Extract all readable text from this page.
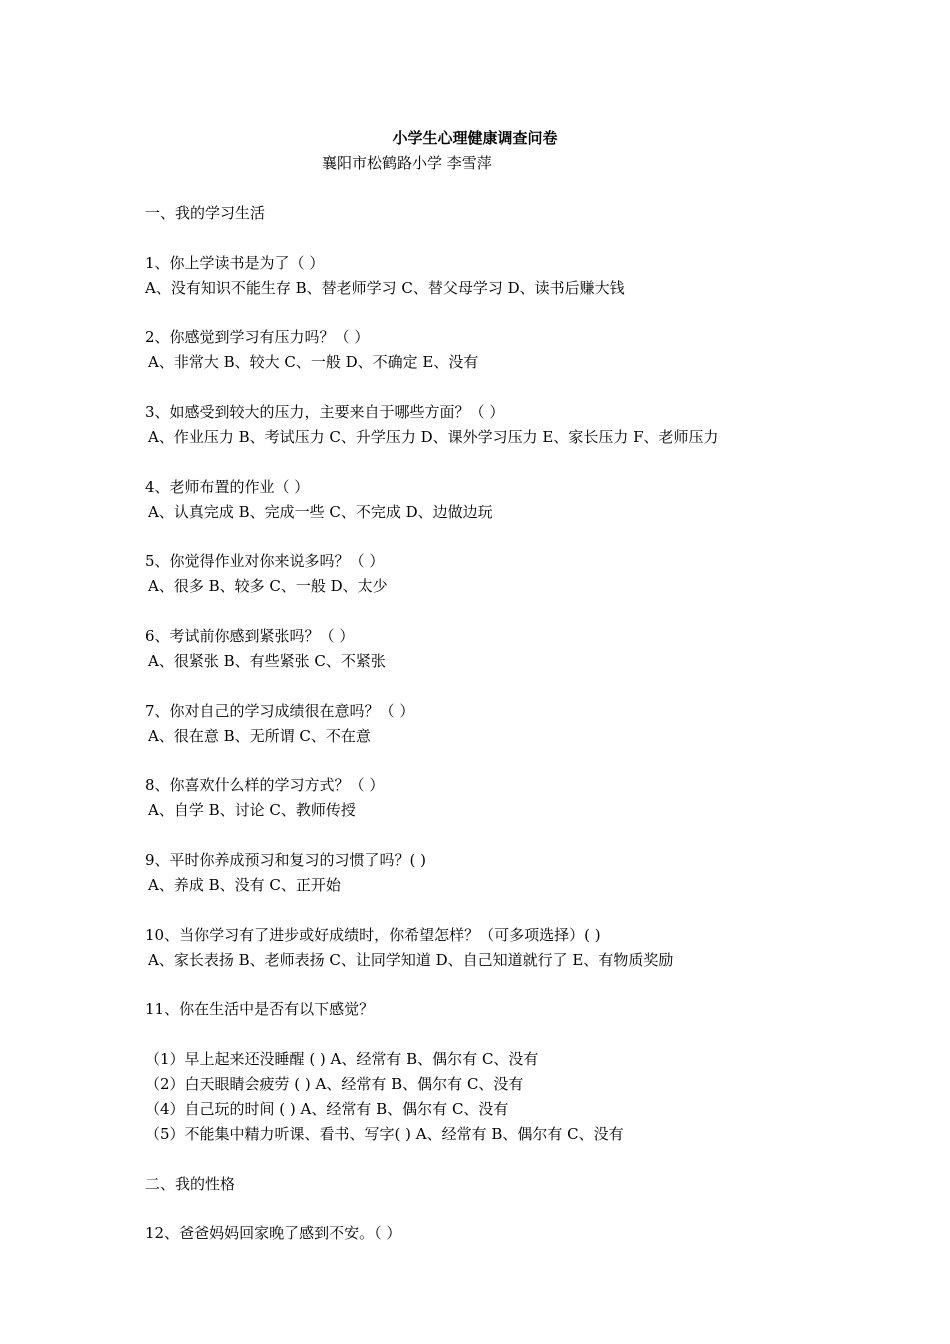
小学生心理健康调查问卷
襄阳市松鹤路小学 李雪萍
一、我的学习生活
1、你上学读书是为了（ ）
A、没有知识不能生存 B、替老师学习 C、替父母学习 D、读书后赚大钱
2、你感觉到学习有压力吗？（ ）
A、非常大 B、较大 C、一般 D、不确定 E、没有
3、如感受到较大的压力，主要来自于哪些方面？（ ）
A、作业压力 B、考试压力 C、升学压力 D、课外学习压力 E、家长压力 F、老师压力
4、老师布置的作业（ ）
A、认真完成 B、完成一些 C、不完成 D、边做边玩
5、你觉得作业对你来说多吗？（ ）
A、很多 B、较多 C、一般 D、太少
6、考试前你感到紧张吗？（ ）
A、很紧张 B、有些紧张 C、不紧张
7、你对自己的学习成绩很在意吗？（ ）
A、很在意 B、无所谓 C、不在意
8、你喜欢什么样的学习方式？（ ）
A、自学 B、讨论 C、教师传授
9、平时你养成预习和复习的习惯了吗？( )
A、养成 B、没有 C、正开始
10、当你学习有了进步或好成绩时，你希望怎样？（可多项选择）( )
A、家长表扬 B、老师表扬 C、让同学知道 D、自己知道就行了 E、有物质奖励
11、你在生活中是否有以下感觉？
（1）早上起来还没睡醒 ( ) A、经常有 B、偶尔有 C、没有
（2）白天眼睛会疲劳 ( ) A、经常有 B、偶尔有 C、没有
（4）自己玩的时间 ( ) A、经常有 B、偶尔有 C、没有
（5）不能集中精力听课、看书、写字( ) A、经常有 B、偶尔有 C、没有
二、我的性格
12、爸爸妈妈回家晚了感到不安。（ ）
